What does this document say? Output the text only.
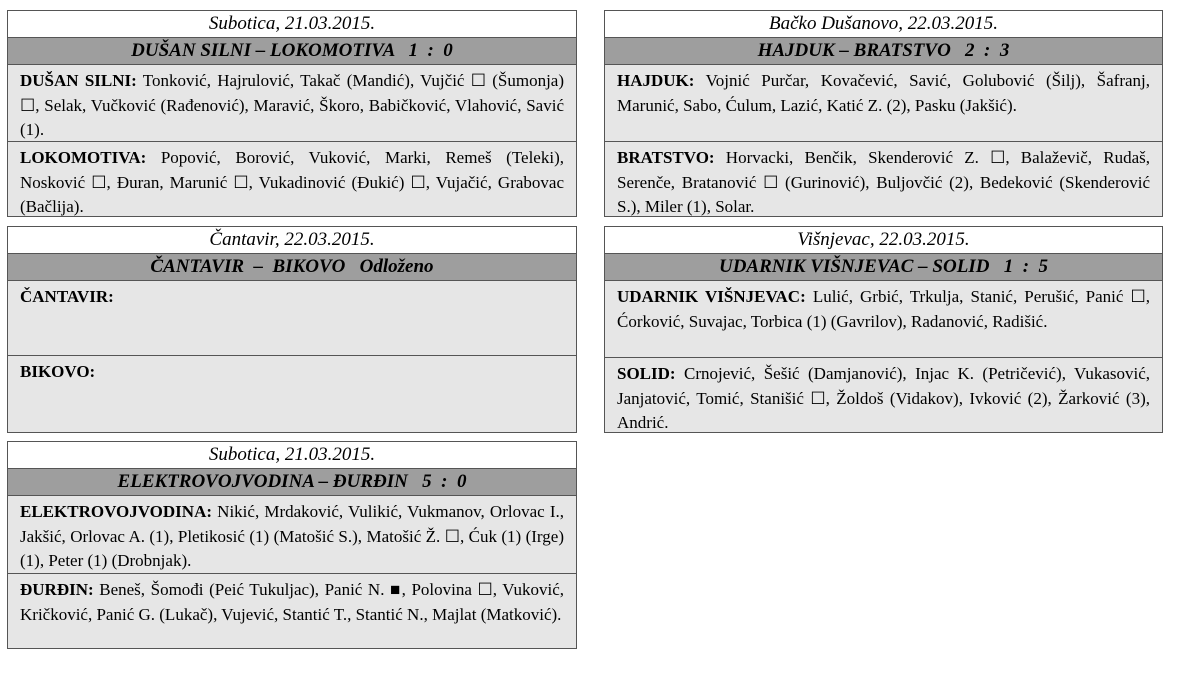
Subotica, 21.03.2015.
DUŠAN SILNI – LOKOMOTIVA   1  :  0
DUŠAN SILNI: Tonković, Hajrulović, Takač (Mandić), Vujčić ☐ (Šumonja) ☐, Selak, Vučković (Rađenović), Maravić, Škoro, Babičković, Vlahović, Savić (1).
LOKOMOTIVA: Popović, Borović, Vuković, Marki, Remeš (Teleki), Nosković ☐, Đuran, Marunić ☐, Vukadinović (Đukić) ☐, Vujačić, Grabovac (Bačlija).
Bačko Dušanovo, 22.03.2015.
HAJDUK – BRATSTVO   2  :  3
HAJDUK: Vojnić Purčar, Kovačević, Savić, Golubović (Šilj), Šafranj, Marunić, Sabo, Ćulum, Lazić, Katić Z. (2), Pasku (Jakšić).
BRATSTVO: Horvacki, Benčik, Skenderović Z. ☐, Balaževič, Rudaš, Serenče, Bratanović ☐ (Gurinović), Buljovčić (2), Bedeković (Skenderović S.), Miler (1), Solar.
Čantavir, 22.03.2015.
ČANTAVIR  –  BIKOVO   Odloženo
ČANTAVIR:
BIKOVO:
Višnjevac, 22.03.2015.
UDARNIK VIŠNJEVAC – SOLID   1  :  5
UDARNIK VIŠNJEVAC: Lulić, Grbić, Trkulja, Stanić, Perušić, Panić ☐, Ćorković, Suvajac, Torbica (1) (Gavrilov), Radanović, Radišić.
SOLID: Crnojević, Šešić (Damjanović), Injac K. (Petričević), Vukasović, Janjatović, Tomić, Stanišić ☐, Žoldoš (Vidakov), Ivković (2), Žarković (3), Andrić.
Subotica, 21.03.2015.
ELEKTROVOJVODINA – ĐURĐIN   5  :  0
ELEKTROVOJVODINA: Nikić, Mrdaković, Vulikić, Vukmanov, Orlovac I., Jakšić, Orlovac A. (1), Pletikosić (1) (Matošić S.), Matošić Ž. ☐, Ćuk (1) (Irge) (1), Peter (1) (Drobnjak).
ĐURĐIN: Beneš, Šomođi (Peić Tukuljac), Panić N. ■, Polovina ☐, Vuković, Kričković, Panić G. (Lukač), Vujević, Stantić T., Stantić N., Majlat (Matković).
